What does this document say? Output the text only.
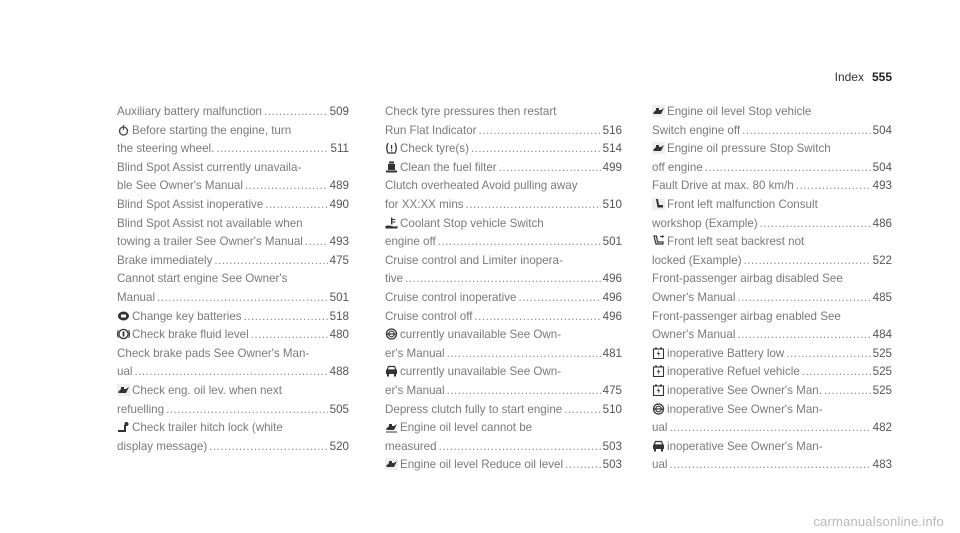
Index 555
Auxiliary battery malfunction .....	509
Before starting the engine, turn
the steering wheel. .....	511
Blind Spot Assist currently unavaila-
ble See Owner's Manual .....	489
Blind Spot Assist inoperative .....	490
Blind Spot Assist not available when
towing a trailer See Owner's Manual ..... 493
Brake immediately .....	475
Cannot start engine See Owner's
Manual .....	501
Change key batteries .....	518
Check brake fluid level .....	480
Check brake pads See Owner's Man-
ual .....	488
Check eng. oil lev. when next
refuelling .....	505
Check trailer hitch lock (white
display message) .....	520
Check tyre pressures then restart
Run Flat Indicator .....	516
Check tyre(s) .....	514
Clean the fuel filter .....	499
Clutch overheated Avoid pulling away
for XX:XX mins .....	510
Coolant Stop vehicle Switch
engine off .....	501
Cruise control and Limiter inopera-
tive .....	496
Cruise control inoperative .....	496
Cruise control off .....	496
currently unavailable See Own-
er's Manual .....	481
currently unavailable See Own-
er's Manual .....	475
Depress clutch fully to start engine .....	510
Engine oil level cannot be
measured .....	503
Engine oil level Reduce oil level .....	503
Engine oil level Stop vehicle
Switch engine off .....	504
Engine oil pressure Stop Switch
off engine .....	504
Fault Drive at max. 80 km/h .....	493
Front left malfunction Consult
workshop (Example) .....	486
Front left seat backrest not
locked (Example) .....	522
Front-passenger airbag disabled See
Owner's Manual .....	485
Front-passenger airbag enabled See
Owner's Manual .....	484
inoperative Battery low .....	525
inoperative Refuel vehicle .....	525
inoperative See Owner's Man. .....	525
inoperative See Owner's Man-
ual .....	482
inoperative See Owner's Man-
ual .....	483
carmanualsonline.info
